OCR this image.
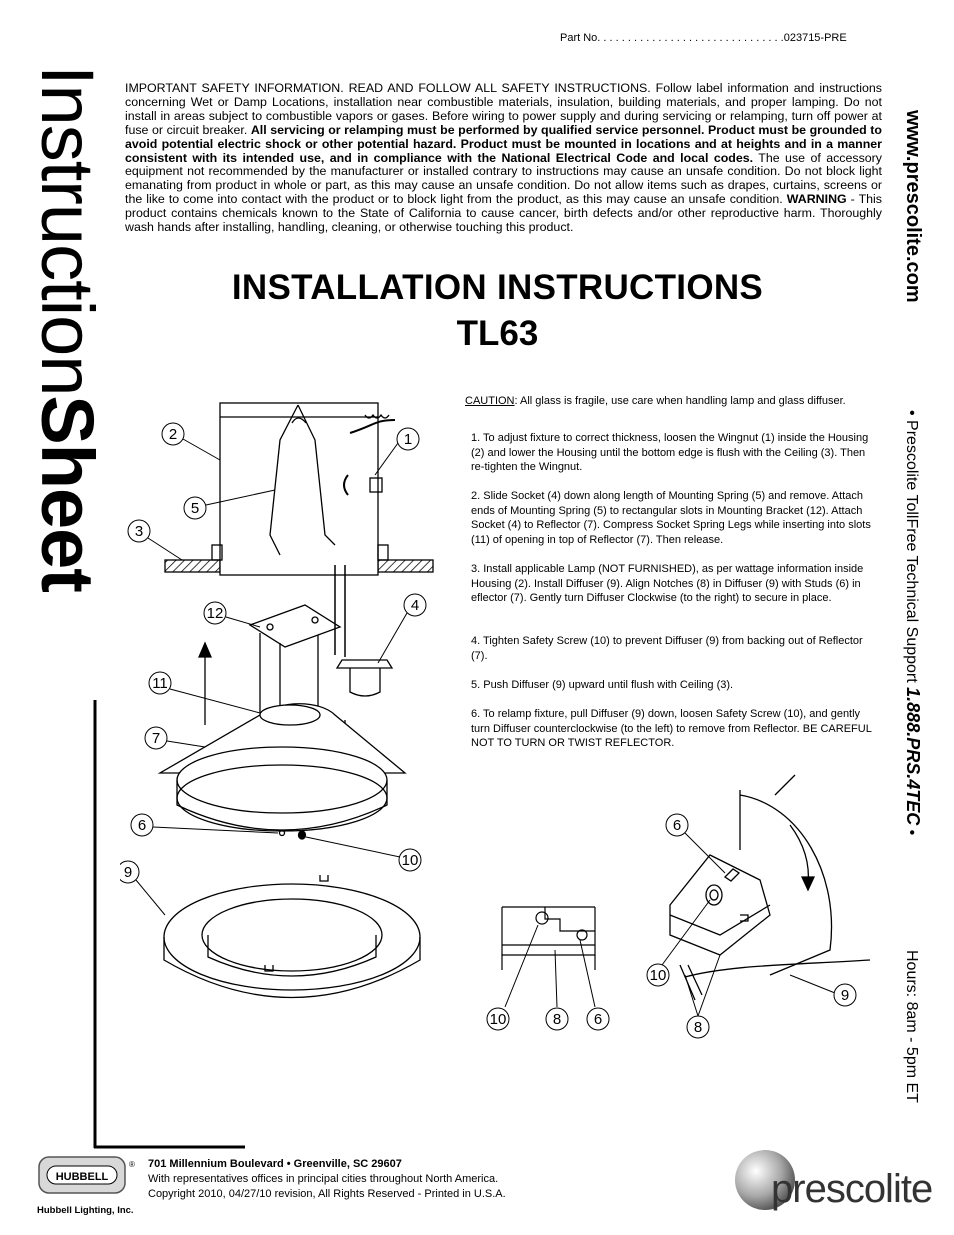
Part No. . . . . . . . . . . . . . . . . . . . . . . . . . . . . . .023715-PRE
InstructionSheet
www.prescolite.com
• Prescolite TollFree Technical Support 1.888.PRS.4TEC •
Hours: 8am - 5pm ET
IMPORTANT SAFETY INFORMATION. READ AND FOLLOW ALL SAFETY INSTRUCTIONS. Follow label information and instructions concerning Wet or Damp Locations, installation near combustible materials, insulation, building materials, and proper lamping. Do not install in areas subject to combustible vapors or gases. Before wiring to power supply and during servicing or relamping, turn off power at fuse or circuit breaker. All servicing or relamping must be performed by qualified service personnel. Product must be grounded to avoid potential electric shock or other potential hazard. Product must be mounted in locations and at heights and in a manner consistent with its intended use, and in compliance with the National Electrical Code and local codes. The use of accessory equipment not recommended by the manufacturer or installed contrary to instructions may cause an unsafe condition. Do not block light emanating from product in whole or part, as this may cause an unsafe condition. Do not allow items such as drapes, curtains, screens or the like to come into contact with the product or to block light from the product, as this may cause an unsafe condition. WARNING - This product contains chemicals known to the State of California to cause cancer, birth defects and/or other reproductive harm. Thoroughly wash hands after installing, handling, cleaning, or otherwise touching this product.
INSTALLATION INSTRUCTIONS
TL63
CAUTION: All glass is fragile, use care when handling lamp and glass diffuser.
1. To adjust fixture to correct thickness, loosen the Wingnut (1) inside the Housing (2) and lower the Housing until the bottom edge is flush with the Ceiling (3). Then re-tighten the Wingnut.
2. Slide Socket (4) down along length of Mounting Spring (5) and remove. Attach ends of Mounting Spring (5) to rectangular slots in Mounting Bracket (12). Attach Socket (4) to Reflector (7). Compress Socket Spring Legs while inserting into slots (11) of opening in top of Reflector (7). Then release.
3. Install applicable Lamp (NOT FURNISHED), as per wattage information inside Housing (2). Install Diffuser (9). Align Notches (8) in Diffuser (9) with Studs (6) in eflector (7). Gently turn Diffuser Clockwise (to the right) to secure in place.
4. Tighten Safety Screw (10) to prevent Diffuser (9) from backing out of Reflector (7).
5. Push Diffuser (9) upward until flush with Ceiling (3).
6. To relamp fixture, pull Diffuser (9) down, loosen Safety Screw (10), and gently turn Diffuser counterclockwise (to the left) to remove from Reflector. BE CAREFUL NOT TO TURN OR TWIST REFLECTOR.
2	1
5
3
12	4
11
7
6
10
9
10	8 6
6
10
9
8
HUBBELL
®
Hubbell Lighting, Inc.
701 Millennium Boulevard • Greenville, SC 29607
With representatives offices in principal cities throughout North America.
Copyright 2010, 04/27/10 revision, All Rights Reserved - Printed in U.S.A.	prescolite
